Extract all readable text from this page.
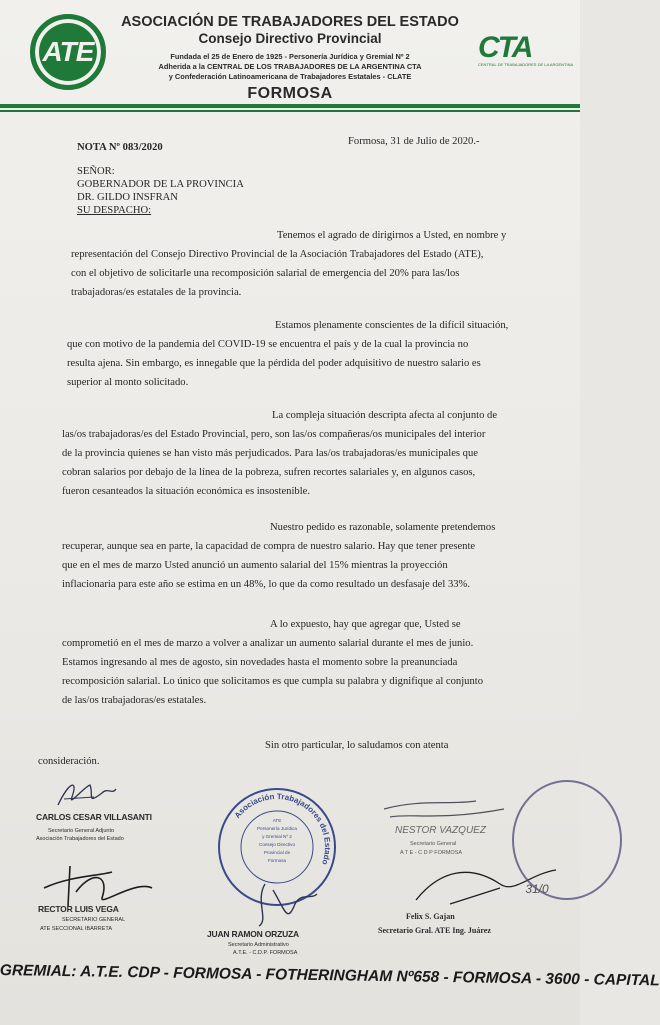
ATE
ASOCIACIÓN DE TRABAJADORES DEL ESTADO
Consejo Directivo Provincial
Fundada el 25 de Enero de 1925 - Personería Jurídica y Gremial Nº 2
Adherida a la CENTRAL DE LOS TRABAJADORES DE LA ARGENTINA CTA
y Confederación Latinoamericana de Trabajadores Estatales - CLATE
FORMOSA
CTA
CENTRAL DE TRABAJADORES DE LA ARGENTINA
NOTA Nº 083/2020
Formosa, 31 de Julio de 2020.-
SEÑOR:
GOBERNADOR DE LA PROVINCIA
DR. GILDO INSFRAN
SU DESPACHO:
Tenemos el agrado de dirigirnos a Usted, en nombre y
representación del Consejo Directivo Provincial de la Asociación Trabajadores del Estado (ATE),
con el objetivo de solicitarle una recomposición salarial de emergencia del 20% para las/los
trabajadoras/es estatales de la provincia.
Estamos plenamente conscientes de la difícil situación,
que con motivo de la pandemia del COVID-19 se encuentra el país y de la cual la provincia no
resulta ajena. Sin embargo, es innegable que la pérdida del poder adquisitivo de nuestro salario es
superior al monto solicitado.
La compleja situación descripta afecta al conjunto de
las/os trabajadoras/es del Estado Provincial, pero, son las/os compañeras/os municipales del interior
de la provincia quienes se han visto más perjudicados. Para las/os trabajadoras/es municipales que
cobran salarios por debajo de la línea de la pobreza, sufren recortes salariales y, en algunos casos,
fueron cesanteados la situación económica es insostenible.
Nuestro pedido es razonable, solamente pretendemos
recuperar, aunque sea en parte, la capacidad de compra de nuestro salario. Hay que tener presente
que en el mes de marzo Usted anunció un aumento salarial del 15% mientras la proyección
inflacionaria para este año se estima en un 48%, lo que da como resultado un desfasaje del 33%.
A lo expuesto, hay que agregar que, Usted se
comprometió en el mes de marzo a volver a analizar un aumento salarial durante el mes de junio.
Estamos ingresando al mes de agosto, sin novedades hasta el momento sobre la preanunciada
recomposición salarial. Lo único que solicitamos es que cumpla su palabra y dignifique al conjunto
de las/os trabajadoras/es estatales.
Sin otro particular, lo saludamos con atenta
consideración.
CARLOS CESAR VILLASANTI
Secretario General Adjunto
Asociación Trabajadores del Estado
RECTOR LUIS VEGA
SECRETARIO GENERAL
ATE SECCIONAL IBARRETA
Asociación Trabajadores del Estado
ATE
Personería Jurídica
y Gremial Nº 2
Consejo Directivo
Provincial de
Formosa
JUAN RAMON ORZUZA
Secretario Administrativo
A.T.E. - C.D.P. FORMOSA
NESTOR VAZQUEZ
Secretario General
A T E - C D P FORMOSA
Felix S. Gajan
Secretario Gral. ATE Ing. Juárez
31/0
GREMIAL: A.T.E. CDP - FORMOSA - FOTHERINGHAM Nº658 - FORMOSA - 3600 - CAPITAL
